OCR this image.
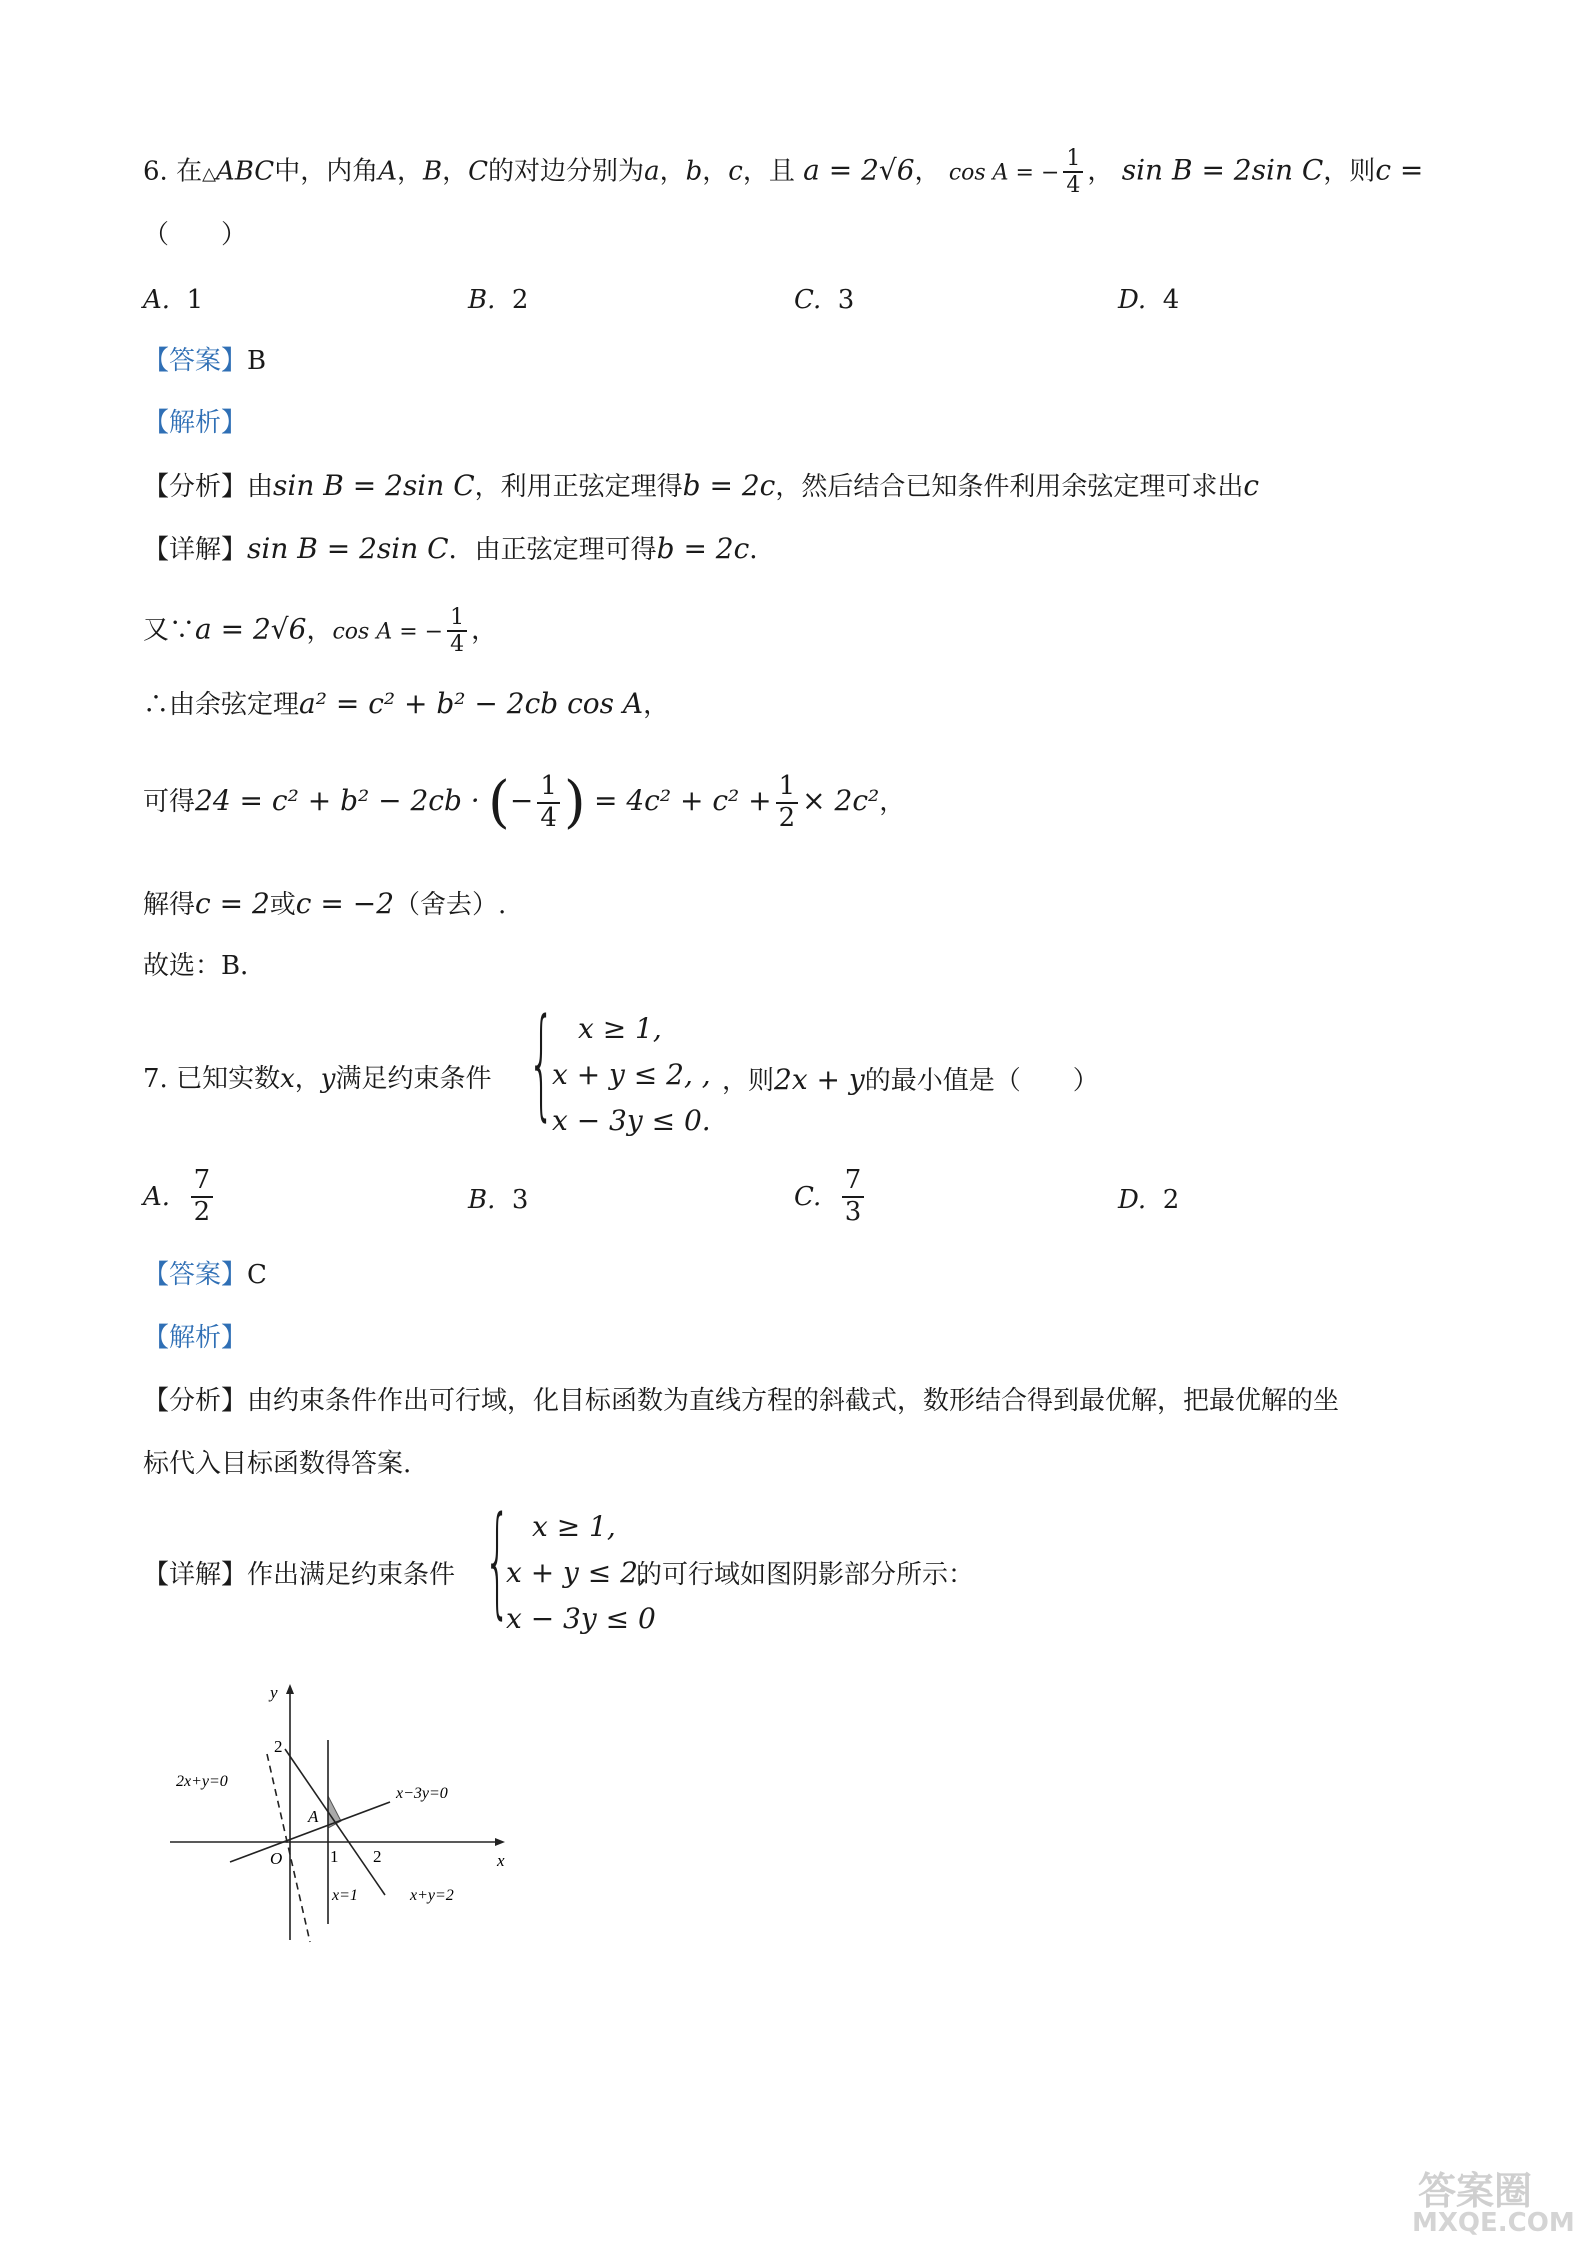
6. 在△ABC中，内角A，B，C的对边分别为a，b，c，且 a = 2√6， cos A = − $\frac{1}{4}$ ， sin B = 2sin C，则c =
（　　）
A. 1	B. 2	C. 3	D. 4
【答案】B
【解析】
【分析】由sin B = 2sin C，利用正弦定理得b = 2c，然后结合已知条件利用余弦定理可求出c
【详解】sin B = 2sin C．由正弦定理可得b = 2c．
又∵a = 2√6，cos A = − $\frac{1}{4}$ ，
∴由余弦定理a² = c² + b² − 2cb cos A，
可得24 = c² + b² − 2cb · (− $\frac{1}{4}$ ) = $4c^2 + c^2 + \frac{1}{2} \times 2c^2$，
解得c = 2或c = −2（舍去）.
故选：B．
7. 已知实数x，y满足约束条件 { x ≥ 1,
x + y ≤ 2, ,
x − 3y ≤ 0.
，则2x + y的最小值是（　　）
A. $\frac{7}{2}$	B. 3	C. $\frac{7}{3}$	D. 2
【答案】C
【解析】
【分析】由约束条件作出可行域，化目标函数为直线方程的斜截式，数形结合得到最优解，把最优解的坐
标代入目标函数得答案.
【详解】作出满足约束条件 { x ≥ 1,
x + y ≤ 2,
x − 3y ≤ 0
的可行域如图阴影部分所示：
y
x
O
A
2
1 2
2x+y=0
x−3y=0
x=1	x+y=2
答案圈
MXQE.COM
